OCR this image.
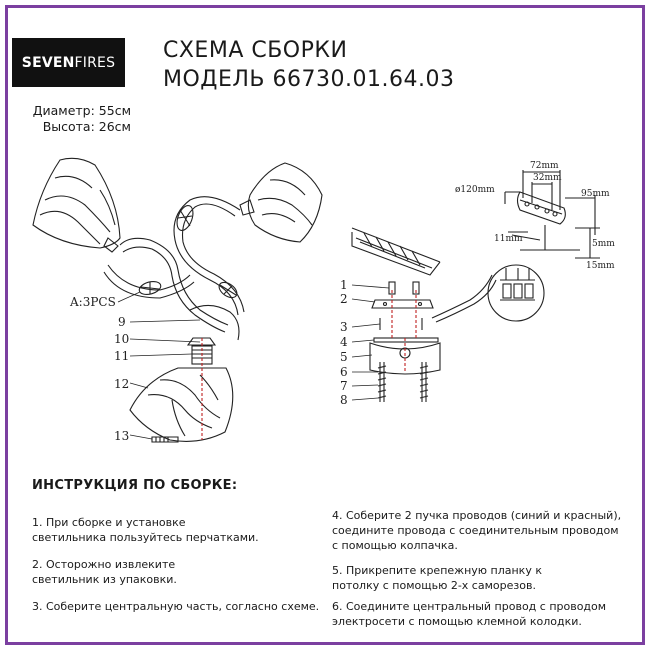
SEVEN FIRES СХЕМА СБОРКИ
МОДЕЛЬ 66730.01.64.03
Диаметр: 55см
Высота: 26см
A:3PCS
9
10
11
12
13
1
2
3
4
5
6
7
8
ø120mm
72mm
32mm
95mm
11mm	5mm
15mm
ИНСТРУКЦИЯ ПО СБОРКЕ:
1. При сборке и установке
светильника пользуйтесь перчатками.
2. Осторожно извлеките
светильник из упаковки.
3. Соберите центральную часть, согласно схеме.
4. Соберите 2 пучка проводов (синий и красный),
соедините провода с соединительным проводом
с помощью колпачка.
5. Прикрепите крепежную планку к
потолку с помощью 2-х саморезов.
6. Соедините центральный провод с проводом
электросети с помощью клемной колодки.
